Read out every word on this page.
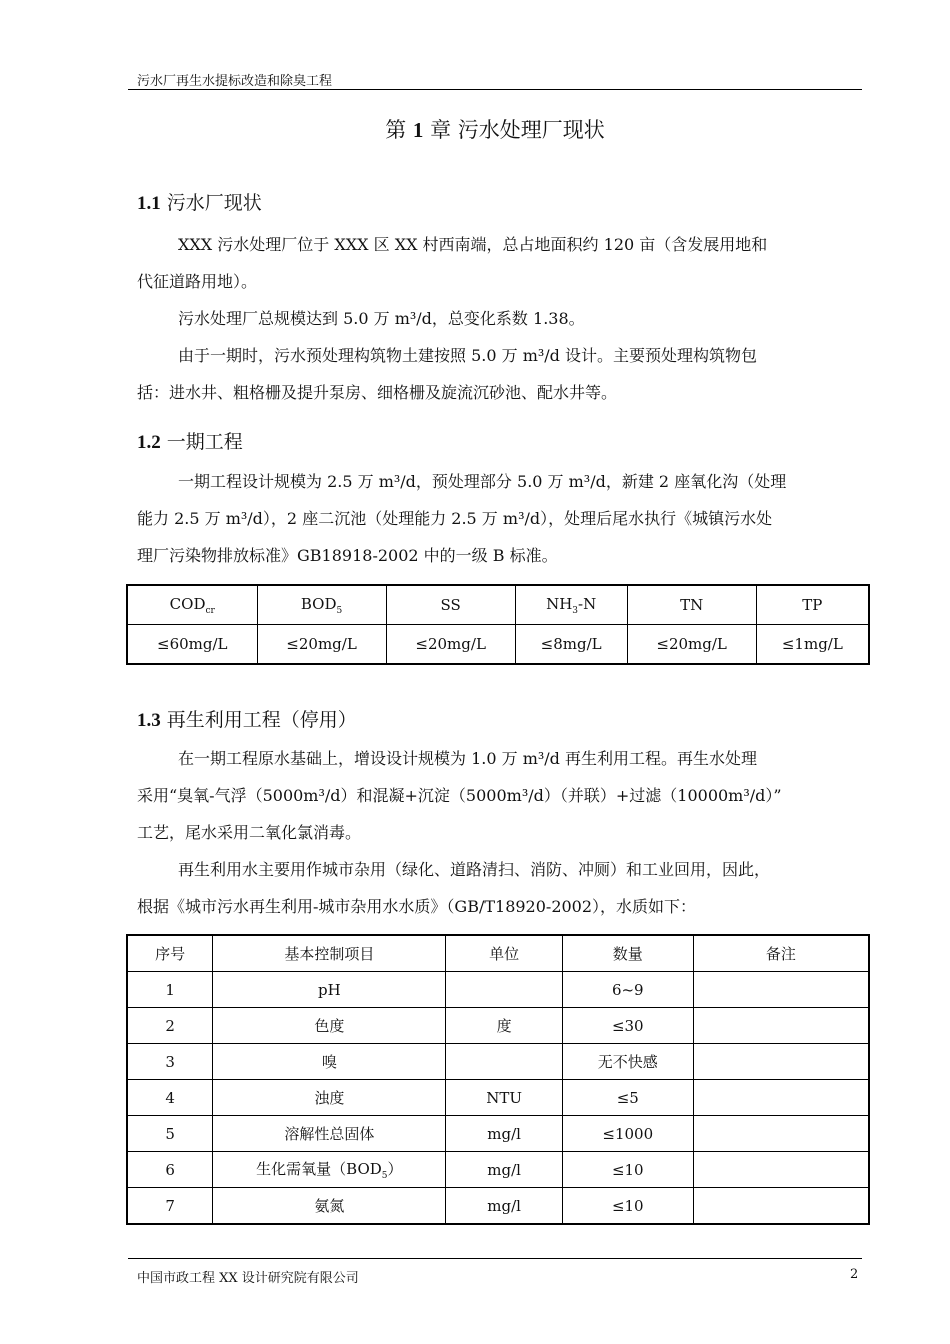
污水厂再生水提标改造和除臭工程
第 1 章 污水处理厂现状
1.1 污水厂现状
XXX 污水处理厂位于 XXX 区 XX 村西南端，总占地面积约 120 亩（含发展用地和
代征道路用地）。
污水处理厂总规模达到 5.0 万 m³/d，总变化系数 1.38。
由于一期时，污水预处理构筑物土建按照 5.0 万 m³/d 设计。主要预处理构筑物包
括：进水井、粗格栅及提升泵房、细格栅及旋流沉砂池、配水井等。
1.2 一期工程
一期工程设计规模为 2.5 万 m³/d，预处理部分 5.0 万 m³/d，新建 2 座氧化沟（处理
能力 2.5 万 m³/d），2 座二沉池（处理能力 2.5 万 m³/d），处理后尾水执行《城镇污水处
理厂污染物排放标准》GB18918-2002 中的一级 B 标准。
$COD_{cr}$	$BOD_5$	SS	$NH_3-N$	TN	TP
≤60mg/L	≤20mg/L	≤20mg/L	≤8mg/L	≤20mg/L	≤1mg/L
1.3 再生利用工程（停用）
在一期工程原水基础上，增设设计规模为 1.0 万 m³/d 再生利用工程。再生水处理
采用“臭氧-气浮（5000m³/d）和混凝+沉淀（5000m³/d）（并联）+过滤（10000m³/d）”
工艺，尾水采用二氧化氯消毒。
再生利用水主要用作城市杂用（绿化、道路清扫、消防、冲厕）和工业回用，因此，
根据《城市污水再生利用-城市杂用水水质》（GB/T18920-2002），水质如下：
序号	基本控制项目	单位	数量	备注
1	pH		6~9	
2	色度	度	≤30	
3	嗅		无不快感	
4	浊度	NTU	≤5	
5	溶解性总固体	mg/l	≤1000	
6	生化需氧量$(BOD_5)$	mg/l	≤10	
7	氨氮	mg/l	≤10	
中国市政工程 XX 设计研究院有限公司	2
